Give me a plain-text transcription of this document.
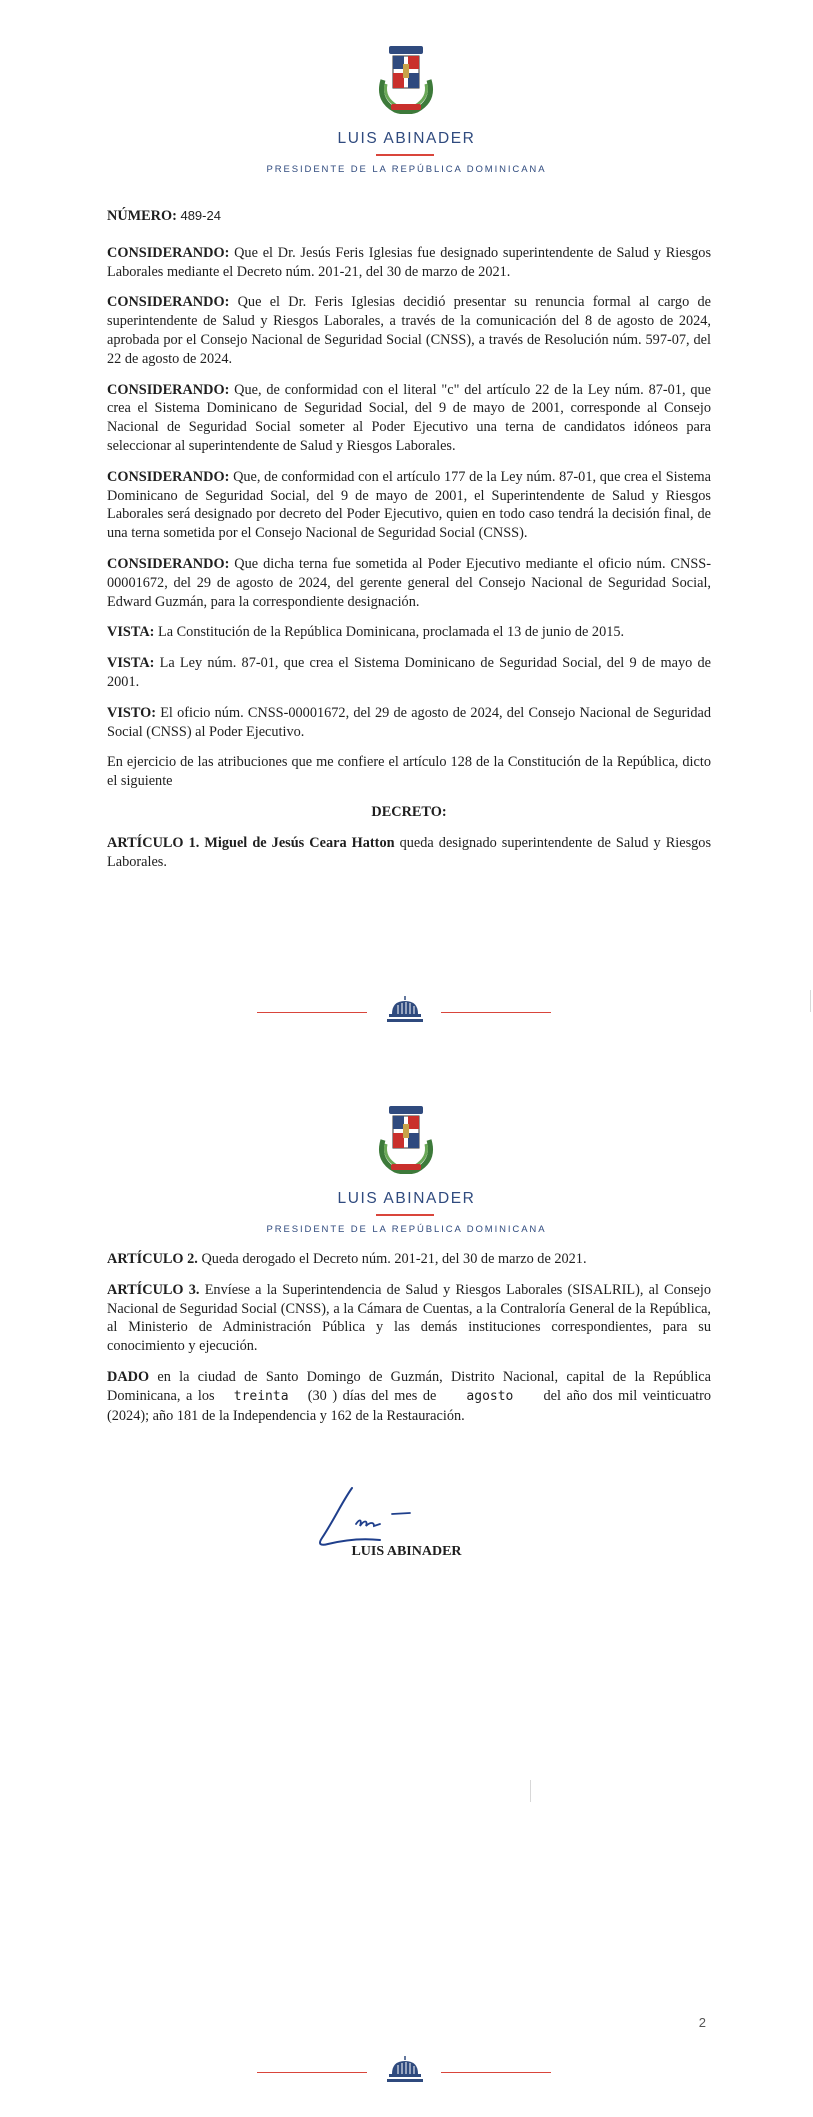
LUIS ABINADER
PRESIDENTE DE LA REPÚBLICA DOMINICANA

NÚMERO: 489-24

CONSIDERANDO: Que el Dr. Jesús Feris Iglesias fue designado superintendente de Salud y Riesgos Laborales mediante el Decreto núm. 201-21, del 30 de marzo de 2021.

CONSIDERANDO: Que el Dr. Feris Iglesias decidió presentar su renuncia formal al cargo de superintendente de Salud y Riesgos Laborales, a través de la comunicación del 8 de agosto de 2024, aprobada por el Consejo Nacional de Seguridad Social (CNSS), a través de Resolución núm. 597-07, del 22 de agosto de 2024.

CONSIDERANDO: Que, de conformidad con el literal "c" del artículo 22 de la Ley núm. 87-01, que crea el Sistema Dominicano de Seguridad Social, del 9 de mayo de 2001, corresponde al Consejo Nacional de Seguridad Social someter al Poder Ejecutivo una terna de candidatos idóneos para seleccionar al superintendente de Salud y Riesgos Laborales.

CONSIDERANDO: Que, de conformidad con el artículo 177 de la Ley núm. 87-01, que crea el Sistema Dominicano de Seguridad Social, del 9 de mayo de 2001, el Superintendente de Salud y Riesgos Laborales será designado por decreto del Poder Ejecutivo, quien en todo caso tendrá la decisión final, de una terna sometida por el Consejo Nacional de Seguridad Social (CNSS).

CONSIDERANDO: Que dicha terna fue sometida al Poder Ejecutivo mediante el oficio núm. CNSS-00001672, del 29 de agosto de 2024, del gerente general del Consejo Nacional de Seguridad Social, Edward Guzmán, para la correspondiente designación.

VISTA: La Constitución de la República Dominicana, proclamada el 13 de junio de 2015.

VISTA: La Ley núm. 87-01, que crea el Sistema Dominicano de Seguridad Social, del 9 de mayo de 2001.

VISTO: El oficio núm. CNSS-00001672, del 29 de agosto de 2024, del Consejo Nacional de Seguridad Social (CNSS) al Poder Ejecutivo.

En ejercicio de las atribuciones que me confiere el artículo 128 de la Constitución de la República, dicto el siguiente

DECRETO:

ARTÍCULO 1. Miguel de Jesús Ceara Hatton queda designado superintendente de Salud y Riesgos Laborales.

LUIS ABINADER
PRESIDENTE DE LA REPÚBLICA DOMINICANA

ARTÍCULO 2. Queda derogado el Decreto núm. 201-21, del 30 de marzo de 2021.

ARTÍCULO 3. Envíese a la Superintendencia de Salud y Riesgos Laborales (SISALRIL), al Consejo Nacional de Seguridad Social (CNSS), a la Cámara de Cuentas, a la Contraloría General de la República, al Ministerio de Administración Pública y las demás instituciones correspondientes, para su conocimiento y ejecución.

DADO en la ciudad de Santo Domingo de Guzmán, Distrito Nacional, capital de la República Dominicana, a los treinta (30 ) días del mes de agosto del año dos mil veinticuatro (2024); año 181 de la Independencia y 162 de la Restauración.

LUIS ABINADER
2
